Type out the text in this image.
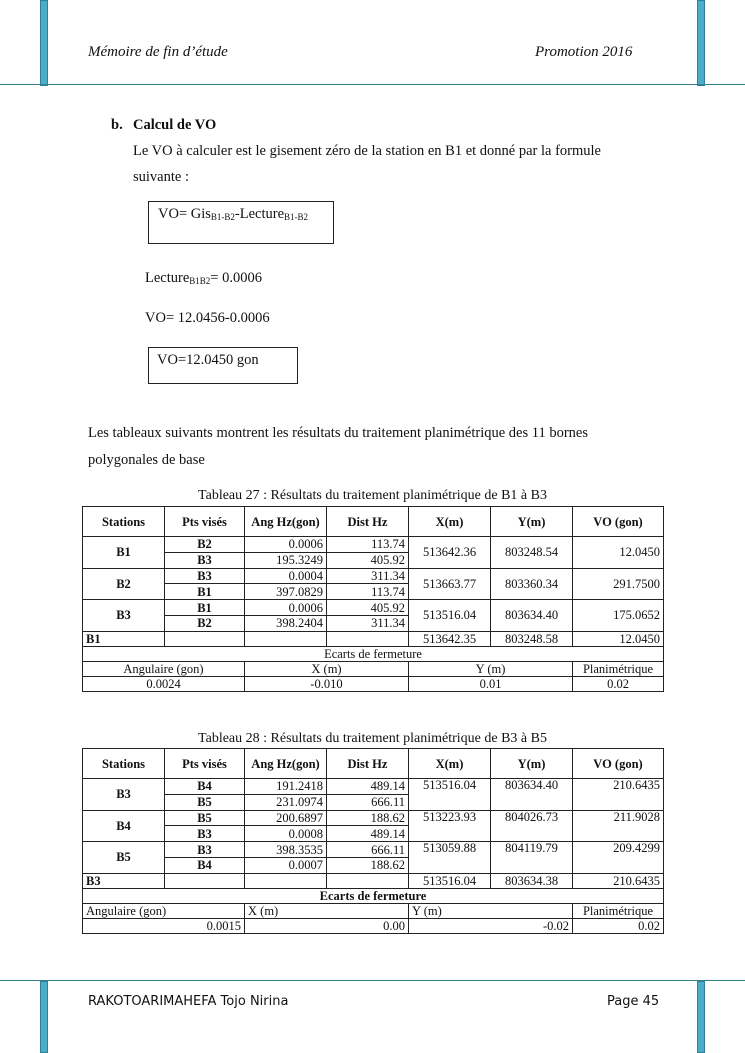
Mémoire de fin d’étude	Promotion 2016
b. Calcul de VO
Le VO à calculer est le gisement zéro de la station en B1 et donné par la formule
suivante :
VO= Gis$_{B1-B2}$-Lecture$_{B1-B2}$
Lecture$_{B1B2}$= 0.0006
VO= 12.0456-0.0006
VO=12.0450 gon
Les tableaux suivants montrent les résultats du traitement planimétrique des 11 bornes
polygonales de base
Tableau 27 : Résultats du traitement planimétrique de B1 à B3
Stations	Pts visés	Ang Hz(gon)	Dist Hz	X(m)	Y(m)	VO (gon)
B1	B2	0.0006	113.74	513642.36	803248.54	12.0450
	B3	195.3249	405.92			
B2	B3	0.0004	311.34	513663.77	803360.34	291.7500
	B1	397.0829	113.74			
B3	B1	0.0006	405.92	513516.04	803634.40	175.0652
	B2	398.2404	311.34			
B1				513642.35	803248.58	12.0450
Ecarts de fermeture						
Angulaire (gon)		X (m)		Y (m)		Planimétrique
0.0024		-0.010		0.01		0.02
Tableau 28 : Résultats du traitement planimétrique de B3 à B5
Stations	Pts visés	Ang Hz(gon)	Dist Hz	X(m)	Y(m)	VO (gon)
B3	B4	191.2418	489.14	513516.04	803634.40	210.6435
	B5	231.0974	666.11			
B4	B5	200.6897	188.62	513223.93	804026.73	211.9028
	B3	0.0008	489.14			
B5	B3	398.3535	666.11	513059.88	804119.79	209.4299
	B4	0.0007	188.62			
B3				513516.04	803634.38	210.6435
Ecarts de fermeture						
Angulaire (gon)		X (m)		Y (m)		Planimétrique
0.0015		0.00		-0.02		0.02
RAKOTOARIMAHEFA Tojo Nirina	Page 45
